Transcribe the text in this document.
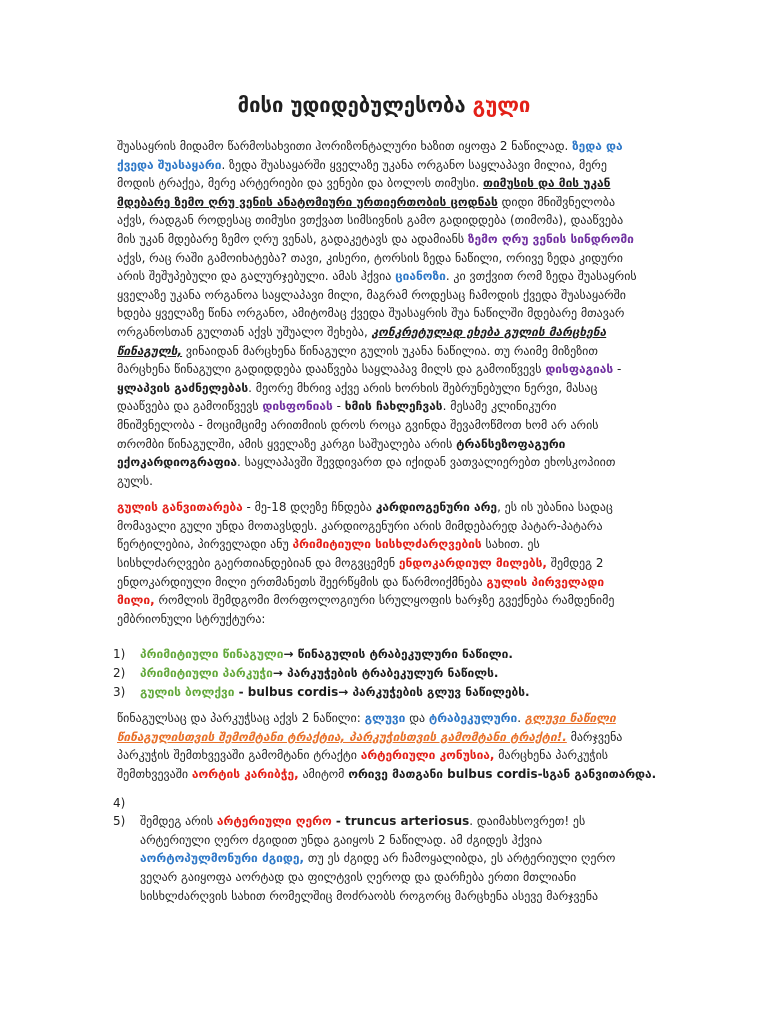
მისი უდიდებულესობა გული
შუასაყრის მიდამო წარმოსახვითი ჰორიზონტალური ხაზით იყოფა 2 ნაწილად. ზედა და
ქვედა შუასაყარი. ზედა შუასაყარში ყველაზე უკანა ორგანო საყლაპავი მილია, მერე
მოდის ტრაქეა, მერე არტერიები და ვენები და ბოლოს თიმუსი. თიმუსის და მის უკან
მდებარე ზემო ღრუ ვენის ანატომიური ურთიერთობის ცოდნას დიდი მნიშვნელობა
აქვს, რადგან როდესაც თიმუსი ვთქვათ სიმსივნის გამო გადიდდება (თიმომა), დააწვება
მის უკან მდებარე ზემო ღრუ ვენას, გადაკეტავს და ადამიანს ზემო ღრუ ვენის სინდრომი
აქვს, რაც რაში გამოიხატება? თავი, კისერი, ტორსის ზედა ნაწილი, ორივე ზედა კიდური
არის შეშუპებული და გალურჯებული. ამას ჰქვია ციანოზი. კი ვთქვით რომ ზედა შუასაყრის
ყველაზე უკანა ორგანოა საყლაპავი მილი, მაგრამ როდესაც ჩამოდის ქვედა შუასაყარში
ხდება ყველაზე წინა ორგანო, ამიტომაც ქვედა შუასაყრის შუა ნაწილში მდებარე მთავარ
ორგანოსთან გულთან აქვს უშუალო შეხება, კონკრეტულად ეხება გულის მარცხენა
წინაგულს, ვინაიდან მარცხენა წინაგული გულის უკანა ნაწილია. თუ რაიმე მიზეზით
მარცხენა წინაგული გადიდდება დააწვება საყლაპავ მილს და გამოიწვევს დისფაგიას -
ყლაპვის გაძნელებას. მეორე მხრივ აქვე არის ხორხის შებრუნებული ნერვი, მასაც
დააწვება და გამოიწვევს დისფონიას - ხმის ჩახლეჩვას. მესამე კლინიკური
მნიშვნელობა - მოციმციმე არითმიის დროს როცა გვინდა შევამოწმოთ ხომ არ არის
თრომბი წინაგულში, ამის ყველაზე კარგი საშუალება არის ტრანსეზოფაგური
ექოკარდიოგრაფია. საყლაპავში შევდივართ და იქიდან ვათვალიერებთ ეხოსკოპიით
გულს.
გულის განვითარება - მე-18 დღეზე ჩნდება კარდიოგენური არე, ეს ის უბანია სადაც
მომავალი გული უნდა მოთავსდეს. კარდიოგენური არის მიმდებარედ პატარ-პატარა
წერტილებია, პირველადი ანუ პრიმიტიული სისხლძარღვების სახით. ეს
სისხლძარღვები გაერთიანდებიან და მოგვცემენ ენდოკარდიულ მილებს, შემდეგ 2
ენდოკარდიული მილი ერთმანეთს შეერწყმის და წარმოიქმნება გულის პირველადი
მილი, რომლის შემდგომი მორფოლოგიური სრულყოფის ხარჯზე გვექნება რამდენიმე
ემბრიონული სტრუქტურა:
1)	პრიმიტიული წინაგული→ წინაგულის ტრაბეკულური ნაწილი.
2)	პრიმიტიული პარკუჭი→ პარკუჭების ტრაბეკულურ ნაწილს.
3)	გულის ბოლქვი - bulbus cordis→ პარკუჭების გლუვ ნაწილებს.
წინაგულსაც და პარკუჭსაც აქვს 2 ნაწილი: გლუვი და ტრაბეკულური. გლუვი ნაწილი
წინაგულისთვის შემომტანი ტრაქტია, პარკუჭისთვის გამომტანი ტრაქტი!. მარჯვენა
პარკუჭის შემთხვევაში გამომტანი ტრაქტი არტერიული კონუსია, მარცხენა პარკუჭის
შემთხვევაში აორტის კარიბჭე, ამიტომ ორივე მათგანი bulbus cordis-სგან განვითარდა.
4)
5)	შემდეგ არის არტერიული ღერო - truncus arteriosus. დაიმახსოვრეთ! ეს
არტერიული ღერო ძგიდით უნდა გაიყოს 2 ნაწილად. ამ ძგიდეს ჰქვია
აორტოპულმონური ძგიდე, თუ ეს ძგიდე არ ჩამოყალიბდა, ეს არტერიული ღერო
ვეღარ გაიყოფა აორტად და ფილტვის ღეროდ და დარჩება ერთი მთლიანი
სისხლძარღვის სახით რომელშიც მოძრაობს როგორც მარცხენა ასევე მარჯვენა
